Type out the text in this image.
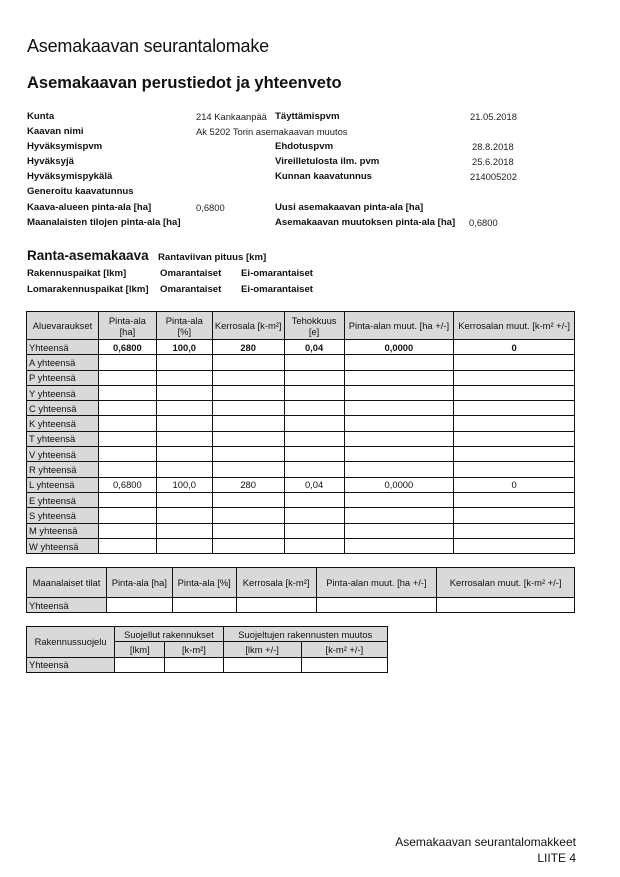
Asemakaavan seurantalomake
Asemakaavan perustiedot ja yhteenveto
Kunta	214 Kankaanpää Täyttämispvm	21.05.2018
Kaavan nimi	Ak 5202 Torin asemakaavan muutos
Hyväksymispvm	Ehdotuspvm	28.8.2018
Hyväksyjä	Vireilletulosta ilm. pvm	25.6.2018
Hyväksymispykälä	Kunnan kaavatunnus	214005202
Generoitu kaavatunnus
Kaava-alueen pinta-ala [ha]	0,6800	Uusi asemakaavan pinta-ala [ha]
Maanalaisten tilojen pinta-ala [ha]	Asemakaavan muutoksen pinta-ala [ha] 0,6800
Ranta-asemakaava Rantaviivan pituus [km]
Rakennuspaikat [lkm]	Omarantaiset Ei-omarantaiset
Lomarakennuspaikat [lkm] Omarantaiset Ei-omarantaiset
Aluevaraukset	Pinta-ala [ha]	Pinta-ala [%]	Kerrosala [k-m²]	Tehokkuus [e]	Pinta-alan muut. [ha +/-]	Kerrosalan muut. [k-m² +/-]
Yhteensä	0,6800	100,0	280	0,04	0,0000	0
A yhteensä						
P yhteensä						
Y yhteensä						
C yhteensä						
K yhteensä						
T yhteensä						
V yhteensä						
R yhteensä						
L yhteensä	0,6800	100,0	280	0,04	0,0000	0
E yhteensä						
S yhteensä						
M yhteensä						
W yhteensä						
Maanalaiset tilat	Pinta-ala [ha]	Pinta-ala [%]	Kerrosala [k-m²]	Pinta-alan muut. [ha +/-]	Kerrosalan muut. [k-m² +/-]
Yhteensä					
Rakennussuojelu	Suojellut rakennukset		Suojeltujen rakennusten muutos	
	[lkm]	[k-m²]	[lkm +/-]	[k-m² +/-]
Yhteensä				
Asemakaavan seurantalomakkeet
LIITE 4
